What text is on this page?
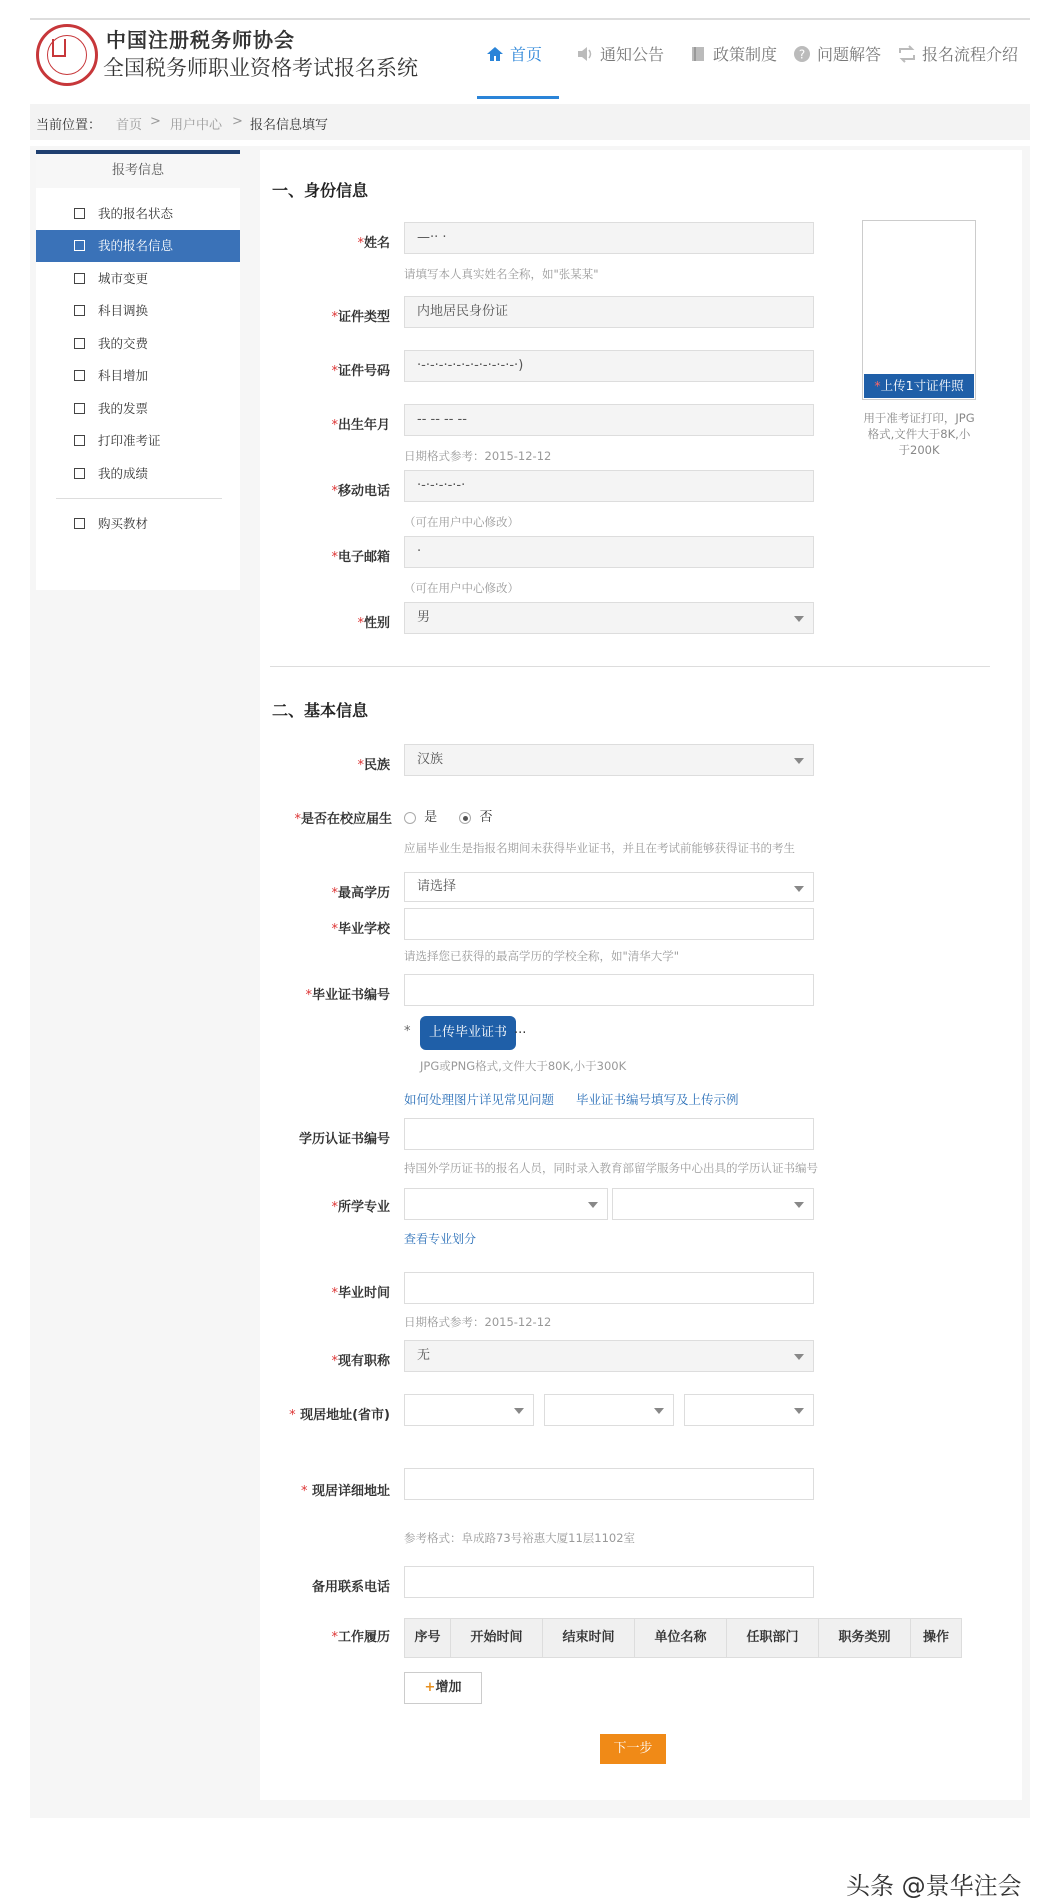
中国注册税务师协会
全国税务师职业资格考试报名系统
首页	通知公告	政策制度 ? 问题解答	报名流程介绍
当前位置： 首页 > 用户中心 > 报名信息填写
报考信息
我的报名状态
我的报名信息
城市变更
科目调换
我的交费
科目增加
我的发票
打印准考证
我的成绩
购买教材
一、身份信息
*姓名	—·· ·
请填写本人真实姓名全称，如"张某某"
*证件类型	内地居民身份证
*证件号码	·-·-·-·-·-·-·-·-·-·-·-·)
*出生年月	-- -- -- --
日期格式参考：2015-12-12
*移动电话	·-·-·-·-·-·
（可在用户中心修改）
*电子邮箱	·
（可在用户中心修改）
*性别	男
*上传1寸证件照
用于准考证打印，JPG格式,文件大于8K,小于200K
二、基本信息
*民族	汉族
*是否在校应届生	是	否
应届毕业生是指报名期间未获得毕业证书，并且在考试前能够获得证书的考生
*最高学历	请选择
*毕业学校
请选择您已获得的最高学历的学校全称，如"清华大学"
*毕业证书编号
*	上传毕业证书 ...
JPG或PNG格式,文件大于80K,小于300K
如何处理图片详见常见问题 毕业证书编号填写及上传示例
学历认证书编号
持国外学历证书的报名人员，同时录入教育部留学服务中心出具的学历认证书编号
*所学专业
查看专业划分
*毕业时间
日期格式参考：2015-12-12
*现有职称	无
* 现居地址(省市)
* 现居详细地址
参考格式：阜成路73号裕惠大厦11层1102室
备用联系电话
*工作履历	序号	开始时间	结束时间	单位名称	任职部门	职务类别	操作
+增加
下一步
头条 @景华注会
